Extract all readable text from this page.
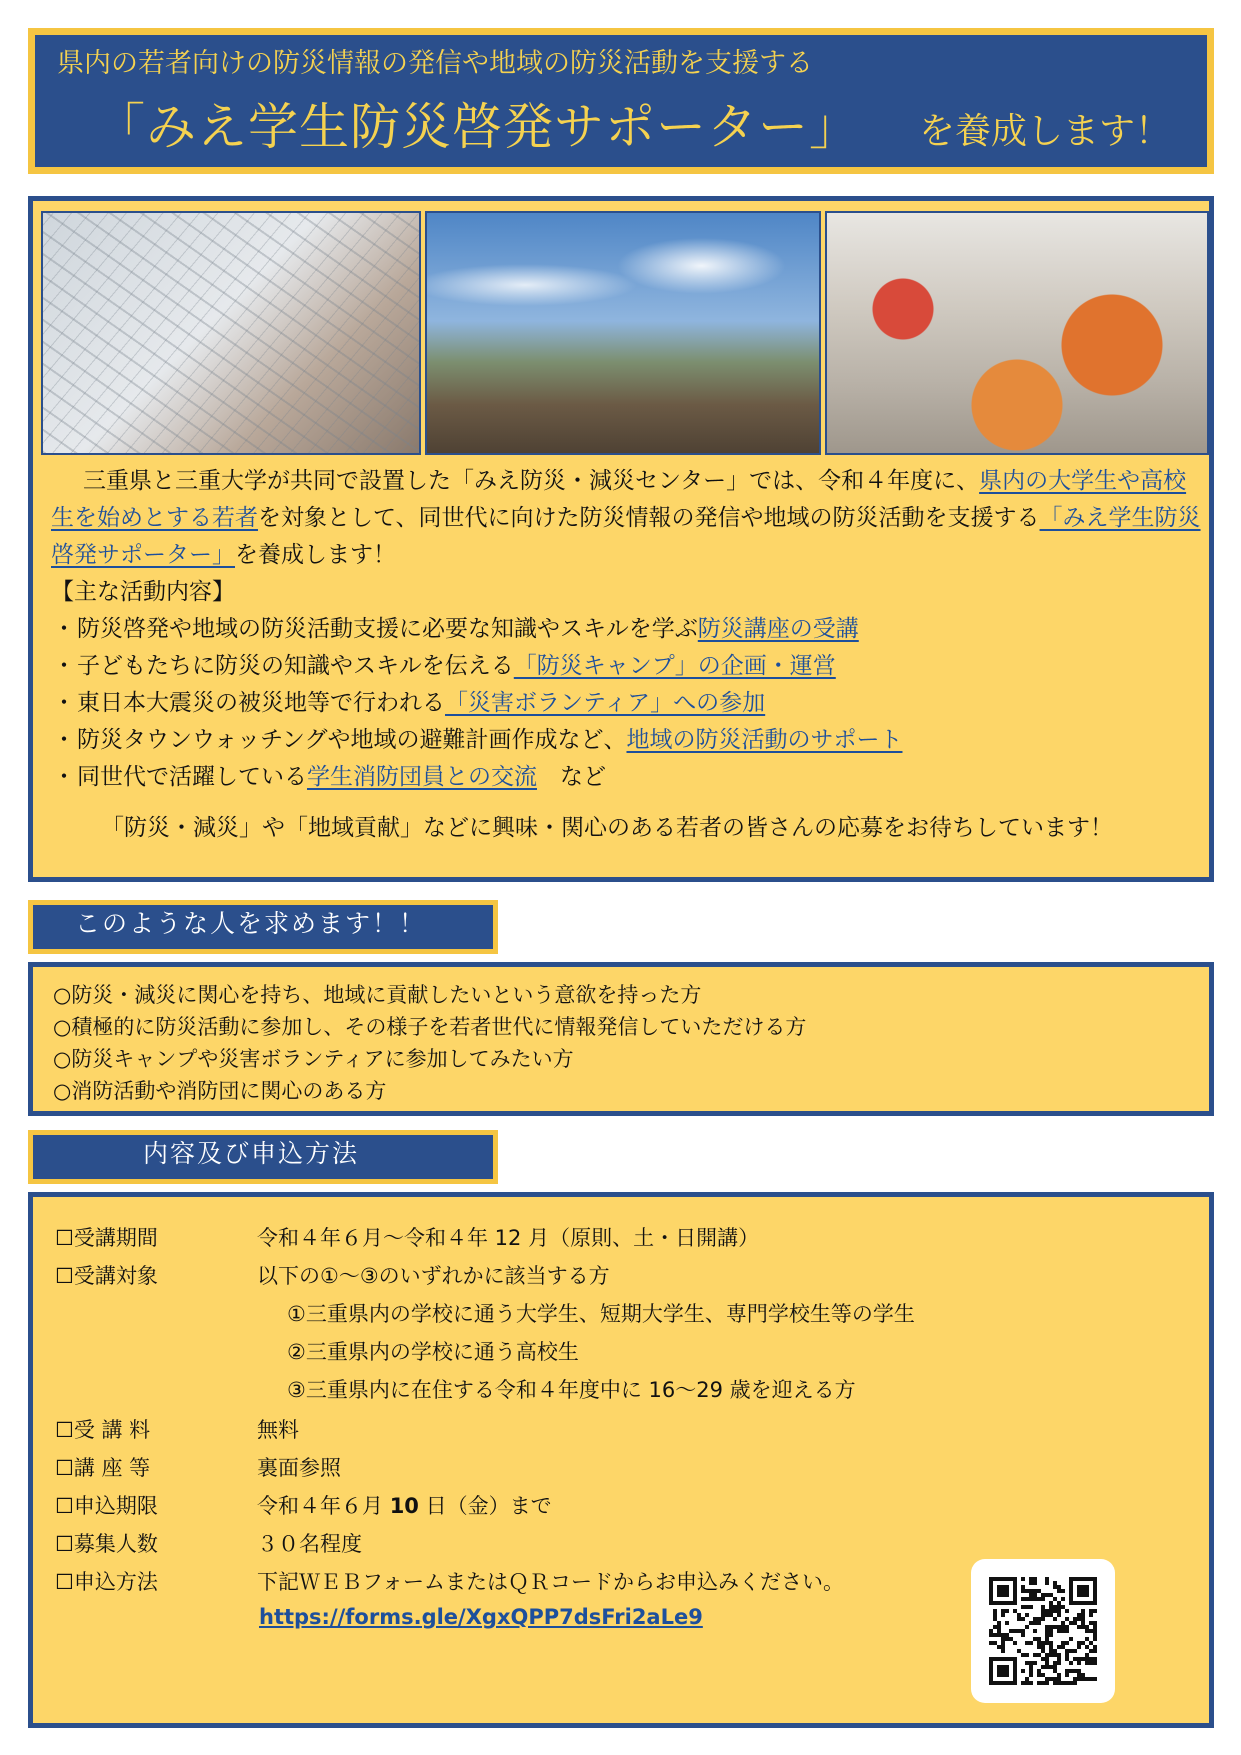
県内の若者向けの防災情報の発信や地域の防災活動を支援する
「みえ学生防災啓発サポーター」 を養成します！

三重県と三重大学が共同で設置した「みえ防災・減災センター」では、令和４年度に、県内の大学生や高校生を始めとする若者を対象として、同世代に向けた防災情報の発信や地域の防災活動を支援する「みえ学生防災啓発サポーター」を養成します！

【主な活動内容】
・防災啓発や地域の防災活動支援に必要な知識やスキルを学ぶ防災講座の受講
・子どもたちに防災の知識やスキルを伝える「防災キャンプ」の企画・運営
・東日本大震災の被災地等で行われる「災害ボランティア」への参加
・防災タウンウォッチングや地域の避難計画作成など、地域の防災活動のサポート
・同世代で活躍している学生消防団員との交流　など
「防災・減災」や「地域貢献」などに興味・関心のある若者の皆さんの応募をお待ちしています！
このような人を求めます！！
○防災・減災に関心を持ち、地域に貢献したいという意欲を持った方
○積極的に防災活動に参加し、その様子を若者世代に情報発信していただける方
○防災キャンプや災害ボランティアに参加してみたい方
○消防活動や消防団に関心のある方
内容及び申込方法
☐受講期間	令和４年６月～令和４年 12 月（原則、土・日開講）
☐受講対象	以下の①～③のいずれかに該当する方
①三重県内の学校に通う大学生、短期大学生、専門学校生等の学生
②三重県内の学校に通う高校生
③三重県内に在住する令和４年度中に 16～29 歳を迎える方
☐受 講 料	無料
☐講 座 等	裏面参照
☐申込期限	令和４年６月 10 日（金）まで
☐募集人数	３０名程度
☐申込方法	下記ＷＥＢフォームまたはＱＲコードからお申込みください。
https://forms.gle/XgxQPP7dsFri2aLe9
